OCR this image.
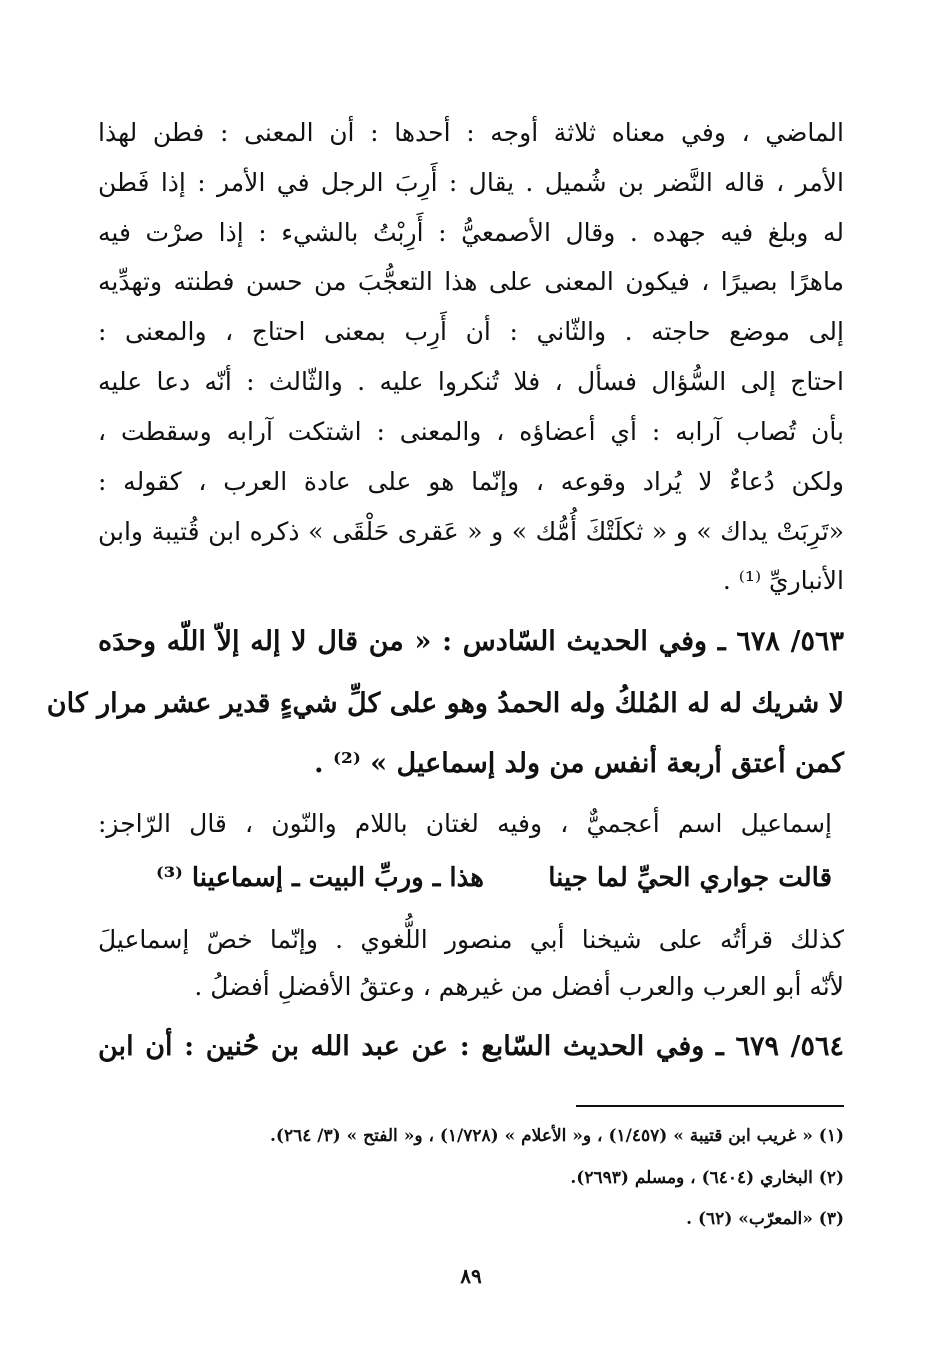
الماضي ، وفي معناه ثلاثة أوجه : أحدها : أن المعنى : فطن لهذا
الأمر ، قاله النَّضر بن شُميل . يقال : أَرِبَ الرجل في الأمر : إذا فَطن
له وبلغ فيه جهده . وقال الأصمعيُّ : أَرِبْتُ بالشيء : إذا صرْت فيه
ماهرًا بصيرًا ، فيكون المعنى على هذا التعجُّبَ من حسن فطنته وتهدِّيه
إلى موضع حاجته . والثّاني : أن أَرِب بمعنى احتاج ، والمعنى :
احتاج إلى السُّؤال فسأل ، فلا تُنكروا عليه . والثّالث : أنّه دعا عليه
بأن تُصاب آرابه : أي أعضاؤه ، والمعنى : اشتكت آرابه وسقطت ،
ولكن دُعاءٌ لا يُراد وقوعه ، وإنّما هو على عادة العرب ، كقوله :
«تَرِبَتْ يداك » و « ثكلَتْكَ أُمُّك » و « عَقرى حَلْقَى » ذكره ابن قُتيبة وابن
الأنباريِّ ⁽¹⁾ .
٥٦٣/ ٦٧٨ ـ وفي الحديث السّادس : « من قال لا إله إلاّ اللّه وحدَه
لا شريك له له المُلكُ وله الحمدُ وهو على كلِّ شيءٍ قدير عشر مرار كان
كمن أعتق أربعة أنفس من ولد إسماعيل » ⁽²⁾ .
إسماعيل اسم أعجميٌّ ، وفيه لغتان باللام والنّون ، قال الرّاجز:
قالت جواري الحيِّ لما جينا
هذا ـ وربِّ البيت ـ إسماعينا ⁽³⁾
كذلك قرأتُه على شيخنا أبي منصور اللُّغوي . وإنّما خصّ إسماعيلَ
لأنّه أبو العرب والعرب أفضل من غيرهم ، وعتقُ الأفضلِ أفضلُ .
٥٦٤/ ٦٧٩ ـ وفي الحديث السّابع : عن عبد الله بن حُنين : أن ابن
(١) « غريب ابن قتيبة » (١/٤٥٧) ، و« الأعلام » (١/٧٢٨) ، و« الفتح » (٣/ ٢٦٤).
(٢) البخاري (٦٤٠٤) ، ومسلم (٢٦٩٣).
(٣) «المعرّب» (٦٢) .
٨٩
